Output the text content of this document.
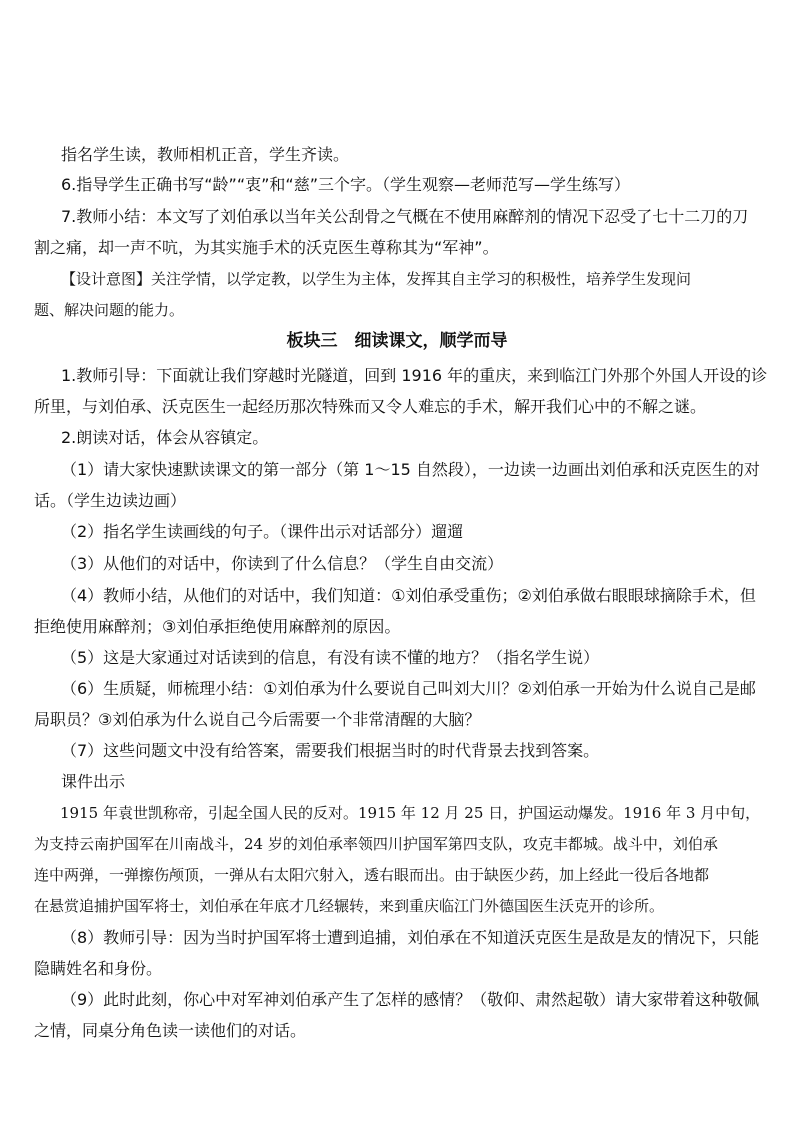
指名学生读，教师相机正音，学生齐读。
6.指导学生正确书写“龄”“衷”和“慈”三个字。（学生观察—老师范写—学生练写）
7.教师小结：本文写了刘伯承以当年关公刮骨之气概在不使用麻醉剂的情况下忍受了七十二刀的刀
割之痛，却一声不吭，为其实施手术的沃克医生尊称其为“军神”。
【设计意图】关注学情，以学定教，以学生为主体，发挥其自主学习的积极性，培养学生发现问
题、解决问题的能力。
板块三　细读课文，顺学而导
1.教师引导：下面就让我们穿越时光隧道，回到 1916 年的重庆，来到临江门外那个外国人开设的诊
所里，与刘伯承、沃克医生一起经历那次特殊而又令人难忘的手术，解开我们心中的不解之谜。
2.朗读对话，体会从容镇定。
（1）请大家快速默读课文的第一部分（第 1～15 自然段），一边读一边画出刘伯承和沃克医生的对
话。（学生边读边画）
（2）指名学生读画线的句子。（课件出示对话部分）遛遛
（3）从他们的对话中，你读到了什么信息？（学生自由交流）
（4）教师小结，从他们的对话中，我们知道：①刘伯承受重伤；②刘伯承做右眼眼球摘除手术，但
拒绝使用麻醉剂；③刘伯承拒绝使用麻醉剂的原因。
（5）这是大家通过对话读到的信息，有没有读不懂的地方？（指名学生说）
（6）生质疑，师梳理小结：①刘伯承为什么要说自己叫刘大川？②刘伯承一开始为什么说自己是邮
局职员？③刘伯承为什么说自己今后需要一个非常清醒的大脑？
（7）这些问题文中没有给答案，需要我们根据当时的时代背景去找到答案。
课件出示
1915 年袁世凯称帝，引起全国人民的反对。1915 年 12 月 25 日，护国运动爆发。1916 年 3 月中旬，
为支持云南护国军在川南战斗，24 岁的刘伯承率领四川护国军第四支队，攻克丰都城。战斗中，刘伯承
连中两弹，一弹擦伤颅顶，一弹从右太阳穴射入，透右眼而出。由于缺医少药，加上经此一役后各地都
在悬赏追捕护国军将士，刘伯承在年底才几经辗转，来到重庆临江门外德国医生沃克开的诊所。
（8）教师引导：因为当时护国军将士遭到追捕，刘伯承在不知道沃克医生是敌是友的情况下，只能
隐瞒姓名和身份。
（9）此时此刻，你心中对军神刘伯承产生了怎样的感情？（敬仰、肃然起敬）请大家带着这种敬佩
之情，同桌分角色读一读他们的对话。
